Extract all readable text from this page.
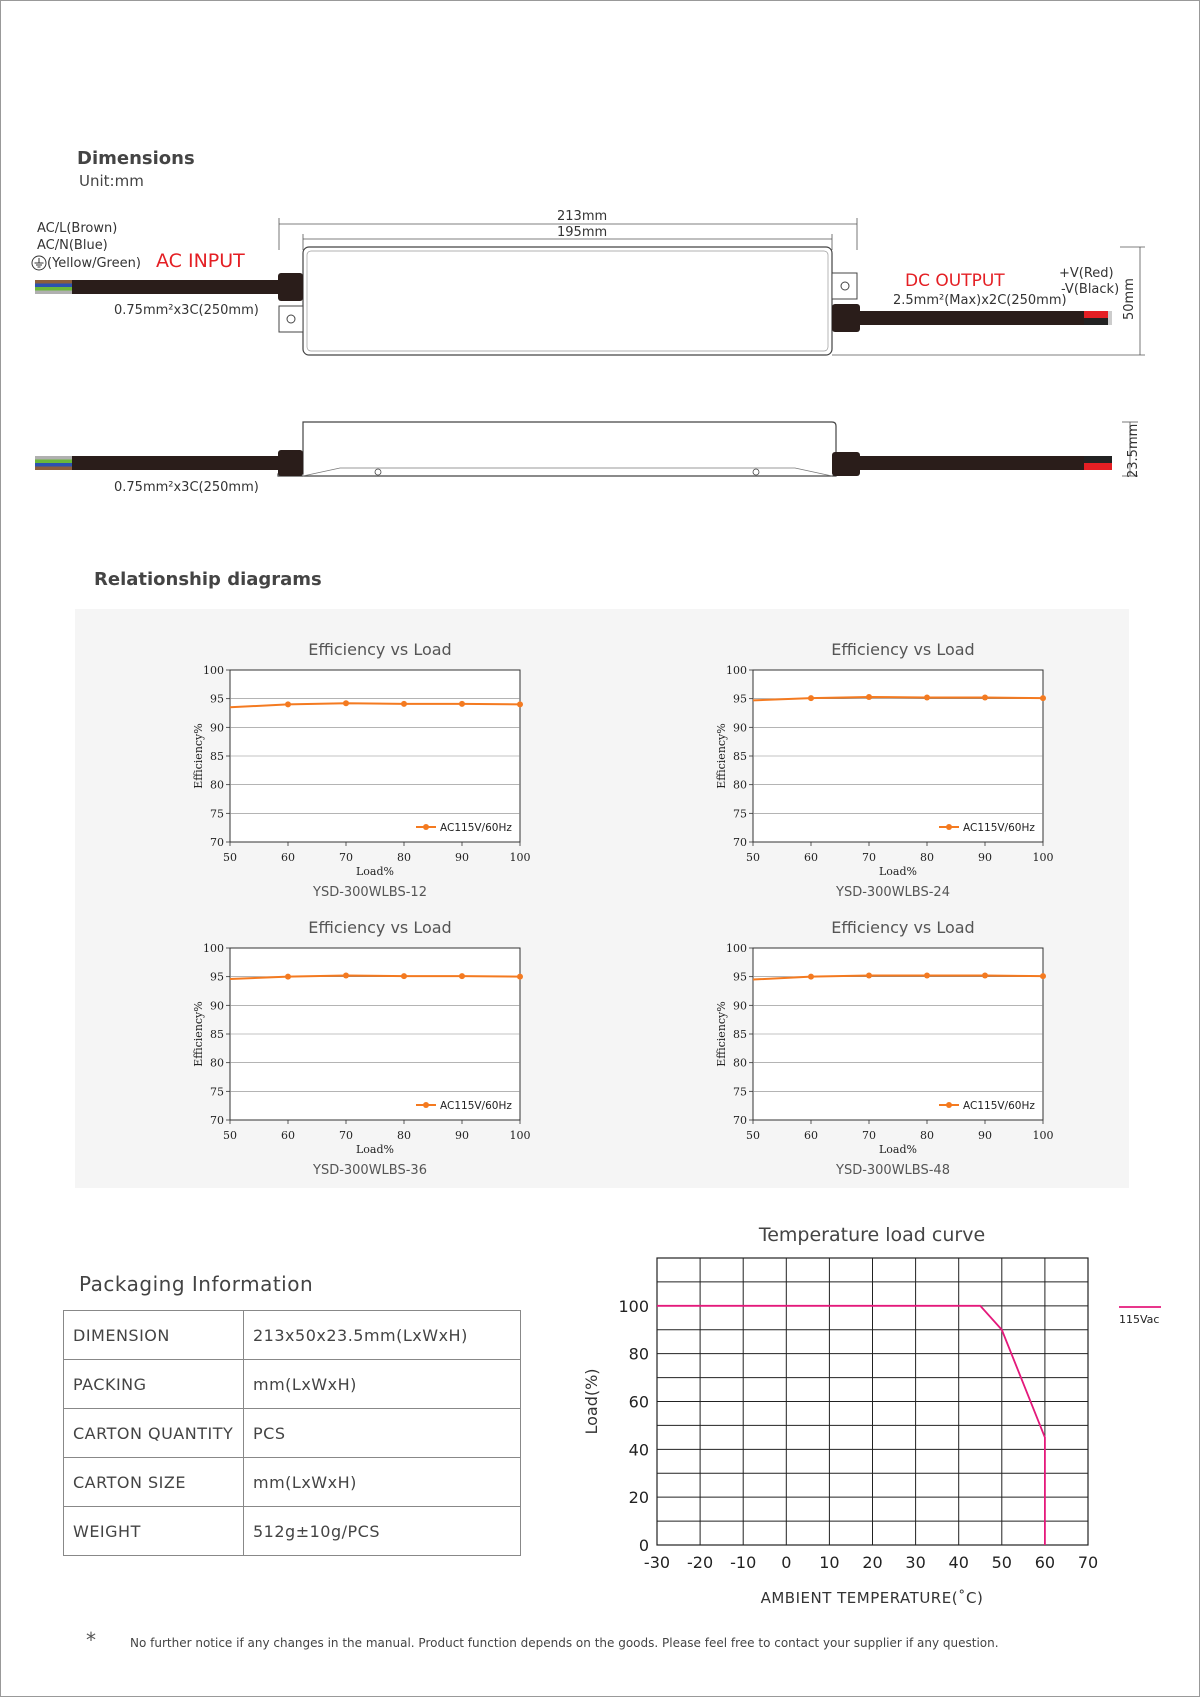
Dimensions
Unit:mm
AC/L(Brown)
AC/N(Blue)
(Yellow/Green) AC INPUT
0.75mm²x3C(250mm)
213mm
195mm
DC OUTPUT	+V(Red)
-V(Black)
2.5mm²(Max)x2C(250mm)	50mm
23.5mm
0.75mm²x3C(250mm)
Relationship diagrams
Efficiency vs Load
70
75
80
85
90
95
100
50	60	70	80	90	100
Load%
Efficiency%
AC115V/60Hz
YSD-300WLBS-12
Efficiency vs Load
70
75
80
85
90
95
100
50	60	70	80	90	100
Load%
Efficiency%
AC115V/60Hz
YSD-300WLBS-24
Efficiency vs Load
70
75
80
85
90
95
100
50	60	70	80	90	100
Load%
Efficiency%
AC115V/60Hz
YSD-300WLBS-36
Efficiency vs Load
70
75
80
85
90
95
100
50	60	70	80	90	100
Load%
Efficiency%
AC115V/60Hz
YSD-300WLBS-48
Packaging Information
DIMENSION	213x50x23.5mm(LxWxH)
PACKING	mm(LxWxH)
CARTON QUANTITY	PCS
CARTON SIZE	mm(LxWxH)
WEIGHT	512g±10g/PCS
Temperature load curve
-30 -20 -10 0 10 20 30 40 50 60 70
0
20
40
60
80
100
AMBIENT TEMPERATURE(˚C)
Load(%)
115Vac
*	No further notice if any changes in the manual. Product function depends on the goods. Please feel free to contact your supplier if any question.
